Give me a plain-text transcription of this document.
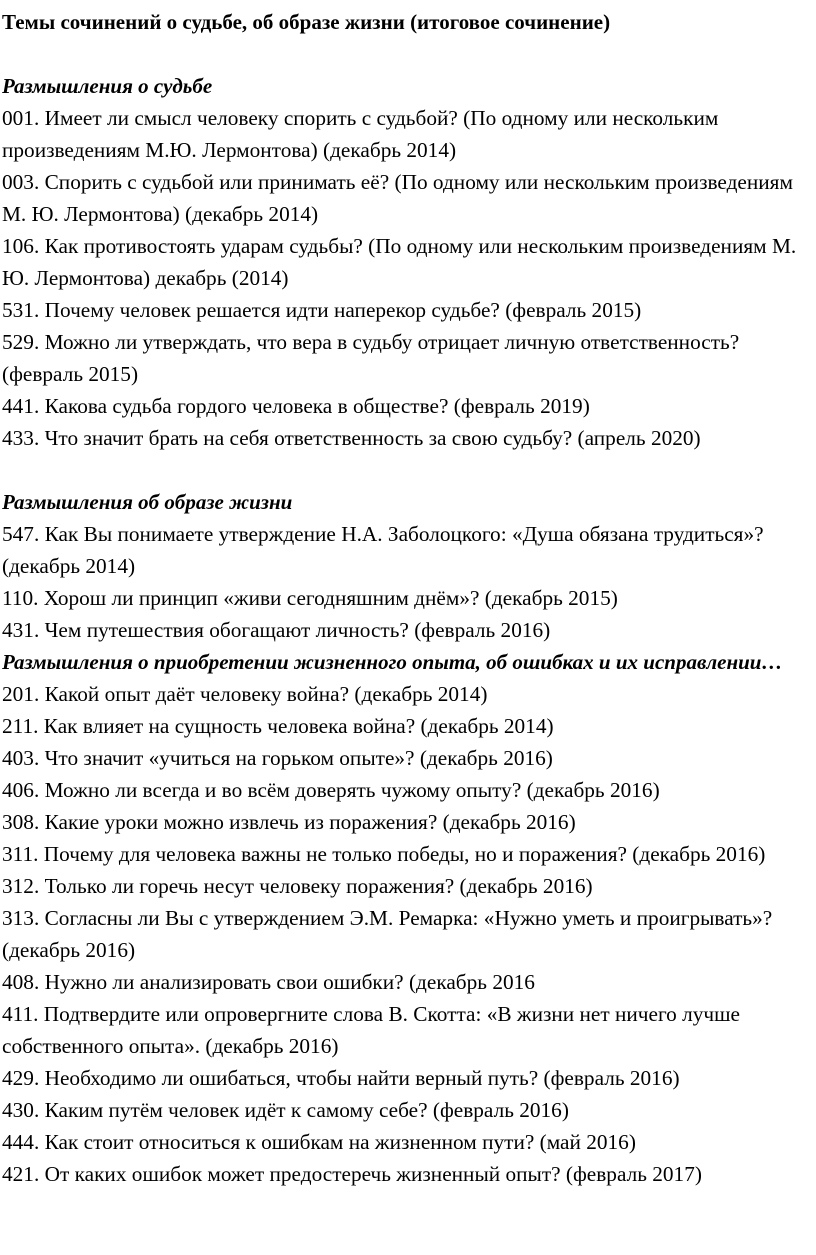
Темы сочинений о судьбе, об образе жизни (итоговое сочинение)

Размышления о судьбе

001. Имеет ли смысл человеку спорить с судьбой? (По одному или нескольким произведениям М.Ю. Лермонтова) (декабрь 2014)
003. Спорить с судьбой или принимать её? (По одному или нескольким произведениям М. Ю. Лермонтова) (декабрь 2014)
106. Как противостоять ударам судьбы? (По одному или нескольким произведениям М. Ю. Лермонтова) декабрь (2014)
531. Почему человек решается идти наперекор судьбе? (февраль 2015)
529. Можно ли утверждать, что вера в судьбу отрицает личную ответственность? (февраль 2015)
441. Какова судьба гордого человека в обществе? (февраль 2019)
433. Что значит брать на себя ответственность за свою судьбу? (апрель 2020)

Размышления об образе жизни

547. Как Вы понимаете утверждение Н.А. Заболоцкого: «Душа обязана трудиться»? (декабрь 2014)
110. Хорош ли принцип «живи сегодняшним днём»? (декабрь 2015)
431. Чем путешествия обогащают личность? (февраль 2016)

Размышления о приобретении жизненного опыта, об ошибках и их исправлении…

201. Какой опыт даёт человеку война? (декабрь 2014)
211. Как влияет на сущность человека война? (декабрь 2014)
403. Что значит «учиться на горьком опыте»? (декабрь 2016)
406. Можно ли всегда и во всём доверять чужому опыту? (декабрь 2016)
308. Какие уроки можно извлечь из поражения? (декабрь 2016)
311. Почему для человека важны не только победы, но и поражения? (декабрь 2016)
312. Только ли горечь несут человеку поражения? (декабрь 2016)
313. Согласны ли Вы с утверждением Э.М. Ремарка: «Нужно уметь и проигрывать»? (декабрь 2016)
408. Нужно ли анализировать свои ошибки? (декабрь 2016
411. Подтвердите или опровергните слова В. Скотта: «В жизни нет ничего лучше собственного опыта». (декабрь 2016)
429. Необходимо ли ошибаться, чтобы найти верный путь? (февраль 2016)
430. Каким путём человек идёт к самому себе? (февраль 2016)
444. Как стоит относиться к ошибкам на жизненном пути? (май 2016)
421. От каких ошибок может предостеречь жизненный опыт? (февраль 2017)
